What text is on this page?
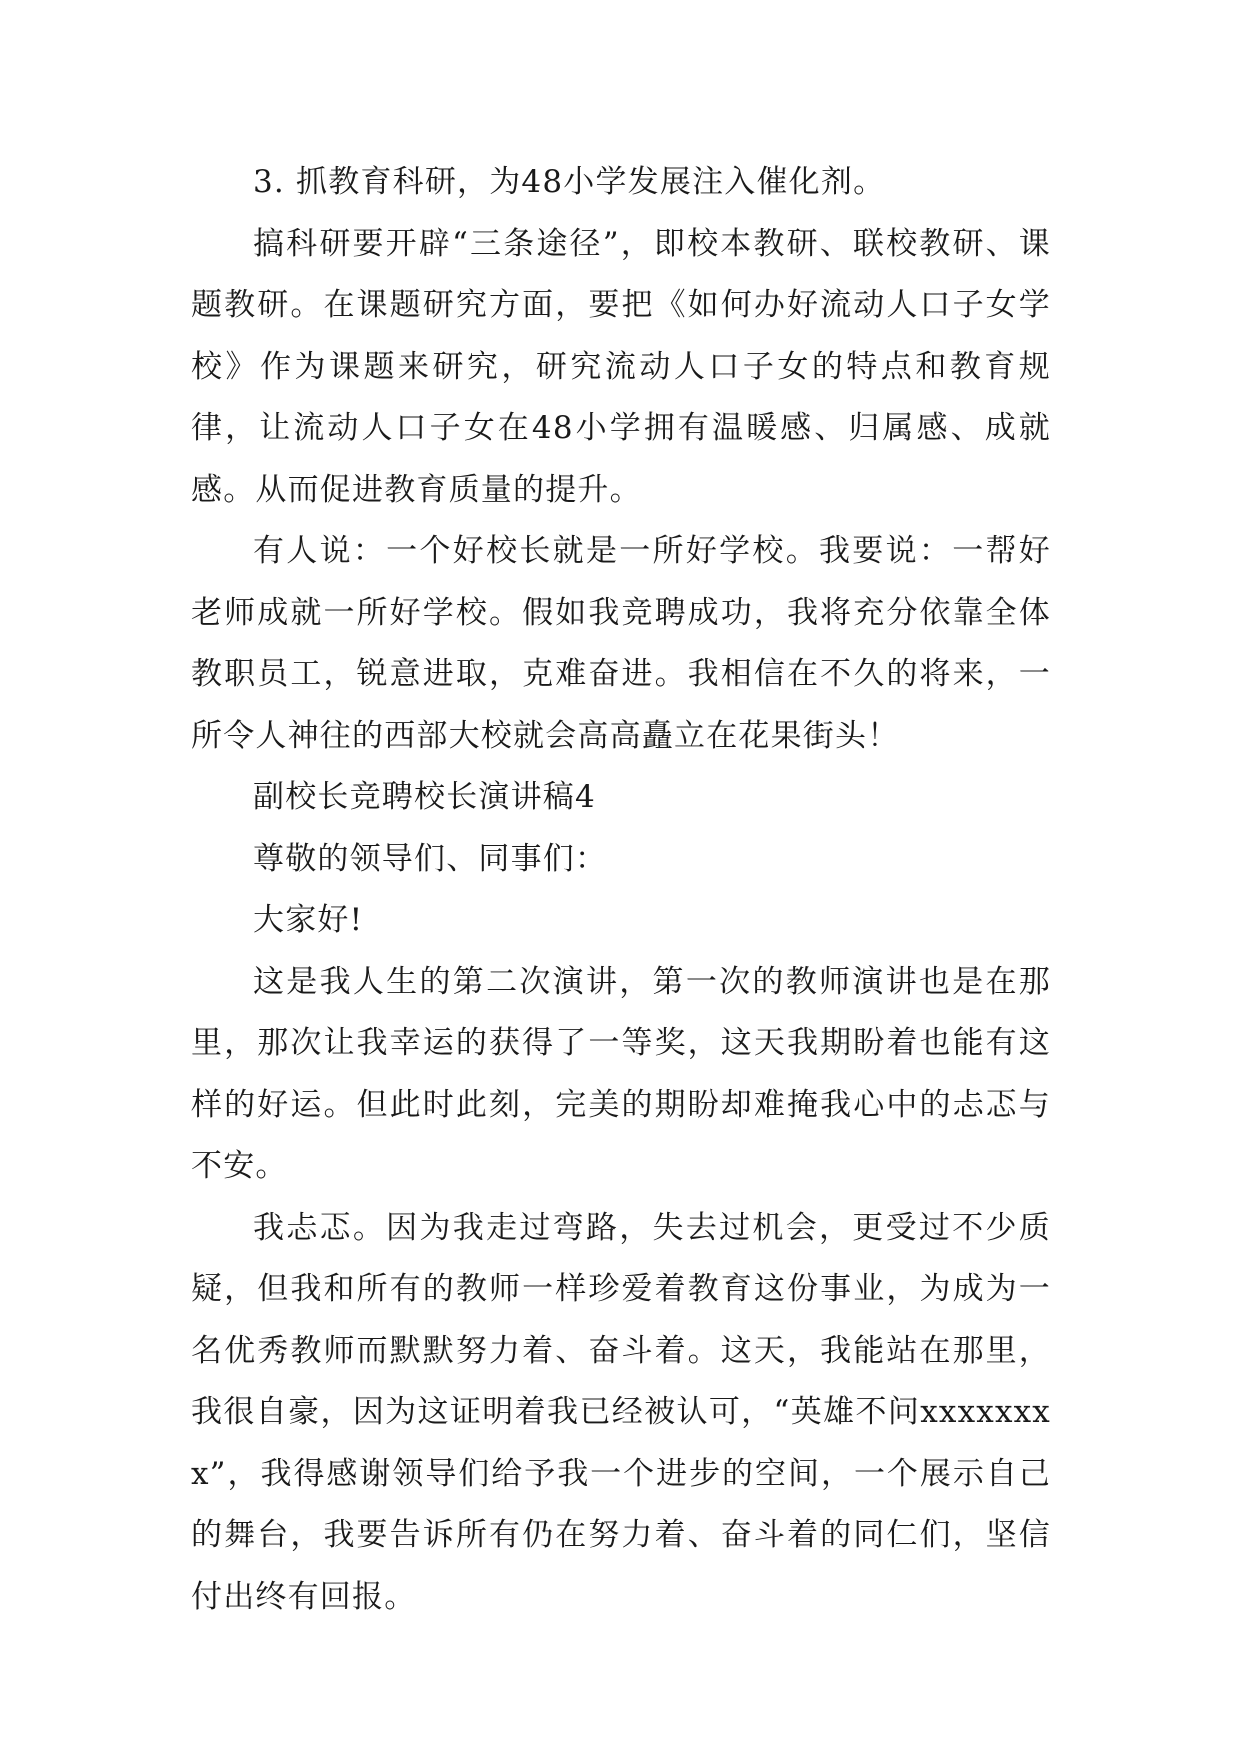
3. 抓教育科研，为48小学发展注入催化剂。

搞科研要开辟“三条途径”，即校本教研、联校教研、课题教研。在课题研究方面，要把《如何办好流动人口子女学校》作为课题来研究，研究流动人口子女的特点和教育规律，让流动人口子女在48小学拥有温暖感、归属感、成就感。从而促进教育质量的提升。

有人说：一个好校长就是一所好学校。我要说：一帮好老师成就一所好学校。假如我竞聘成功，我将充分依靠全体教职员工，锐意进取，克难奋进。我相信在不久的将来，一所令人神往的西部大校就会高高矗立在花果街头！

副校长竞聘校长演讲稿4

尊敬的领导们、同事们：

大家好!

这是我人生的第二次演讲，第一次的教师演讲也是在那里，那次让我幸运的获得了一等奖，这天我期盼着也能有这样的好运。但此时此刻，完美的期盼却难掩我心中的忐忑与不安。

我忐忑。因为我走过弯路，失去过机会，更受过不少质疑，但我和所有的教师一样珍爱着教育这份事业，为成为一名优秀教师而默默努力着、奋斗着。这天，我能站在那里，我很自豪，因为这证明着我已经被认可，“英雄不问xxxxxxxx”，我得感谢领导们给予我一个进步的空间，一个展示自己的舞台，我要告诉所有仍在努力着、奋斗着的同仁们，坚信付出终有回报。
